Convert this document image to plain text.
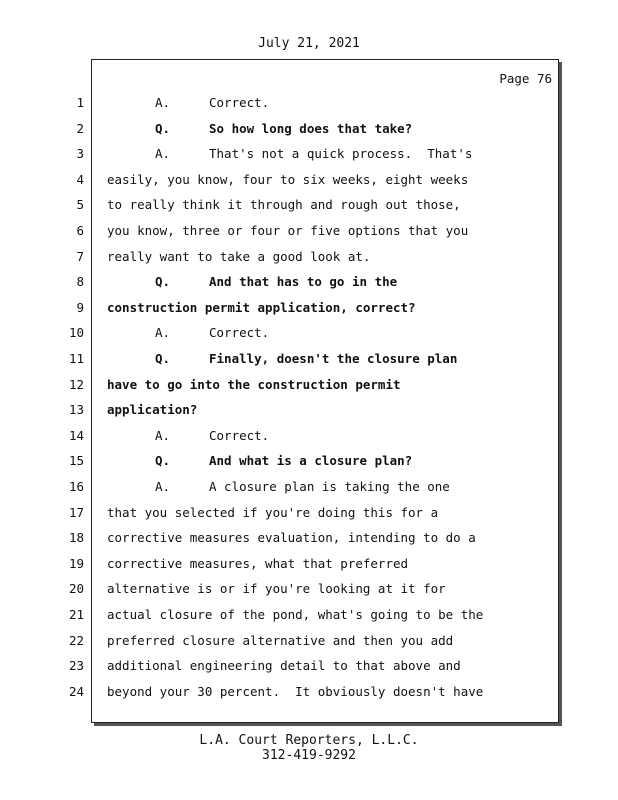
July 21, 2021
Page 76
1	A.	Correct.
2	Q.	So how long does that take?
3	A.	That's not a quick process.  That's
4 easily, you know, four to six weeks, eight weeks
5 to really think it through and rough out those,
6 you know, three or four or five options that you
7 really want to take a good look at.
8	Q.	And that has to go in the
9 construction permit application, correct?
10	A.	Correct.
11	Q.	Finally, doesn't the closure plan
12 have to go into the construction permit
13 application?
14	A.	Correct.
15	Q.	And what is a closure plan?
16	A.	A closure plan is taking the one
17 that you selected if you're doing this for a
18 corrective measures evaluation, intending to do a
19 corrective measures, what that preferred
20 alternative is or if you're looking at it for
21 actual closure of the pond, what's going to be the
22 preferred closure alternative and then you add
23 additional engineering detail to that above and
24 beyond your 30 percent.  It obviously doesn't have
L.A. Court Reporters, L.L.C.
312-419-9292
